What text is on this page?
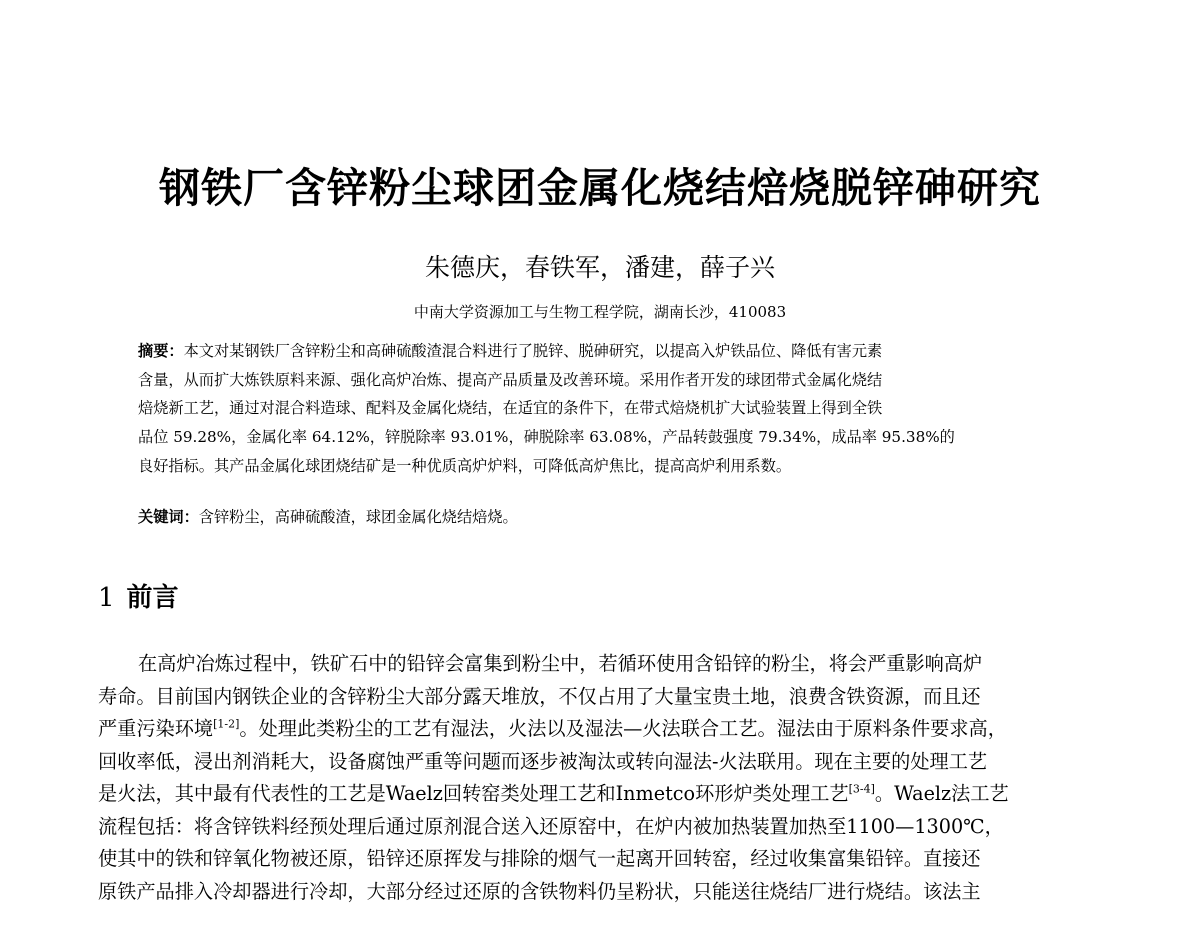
钢铁厂含锌粉尘球团金属化烧结焙烧脱锌砷研究
朱德庆，春铁军，潘建，薛子兴
中南大学资源加工与生物工程学院，湖南长沙，410083
摘要：本文对某钢铁厂含锌粉尘和高砷硫酸渣混合料进行了脱锌、脱砷研究，以提高入炉铁品位、降低有害元素
含量，从而扩大炼铁原料来源、强化高炉冶炼、提高产品质量及改善环境。采用作者开发的球团带式金属化烧结
焙烧新工艺，通过对混合料造球、配料及金属化烧结，在适宜的条件下，在带式焙烧机扩大试验装置上得到全铁
品位 59.28%，金属化率 64.12%，锌脱除率 93.01%，砷脱除率 63.08%，产品转鼓强度 79.34%，成品率 95.38%的
良好指标。其产品金属化球团烧结矿是一种优质高炉炉料，可降低高炉焦比，提高高炉利用系数。
关键词：含锌粉尘，高砷硫酸渣，球团金属化烧结焙烧。
1 前言
在高炉冶炼过程中，铁矿石中的铅锌会富集到粉尘中，若循环使用含铅锌的粉尘，将会严重影响高炉
寿命。目前国内钢铁企业的含锌粉尘大部分露天堆放，不仅占用了大量宝贵土地，浪费含铁资源，而且还
严重污染环境[1-2]。处理此类粉尘的工艺有湿法，火法以及湿法—火法联合工艺。湿法由于原料条件要求高，
回收率低，浸出剂消耗大，设备腐蚀严重等问题而逐步被淘汰或转向湿法-火法联用。现在主要的处理工艺
是火法，其中最有代表性的工艺是Waelz回转窑类处理工艺和Inmetco环形炉类处理工艺[3-4]。Waelz法工艺
流程包括：将含锌铁料经预处理后通过原剂混合送入还原窑中，在炉内被加热装置加热至1100—1300℃，
使其中的铁和锌氧化物被还原，铅锌还原挥发与排除的烟气一起离开回转窑，经过收集富集铅锌。直接还
原铁产品排入冷却器进行冷却，大部分经过还原的含铁物料仍呈粉状，只能送往烧结厂进行烧结。该法主
